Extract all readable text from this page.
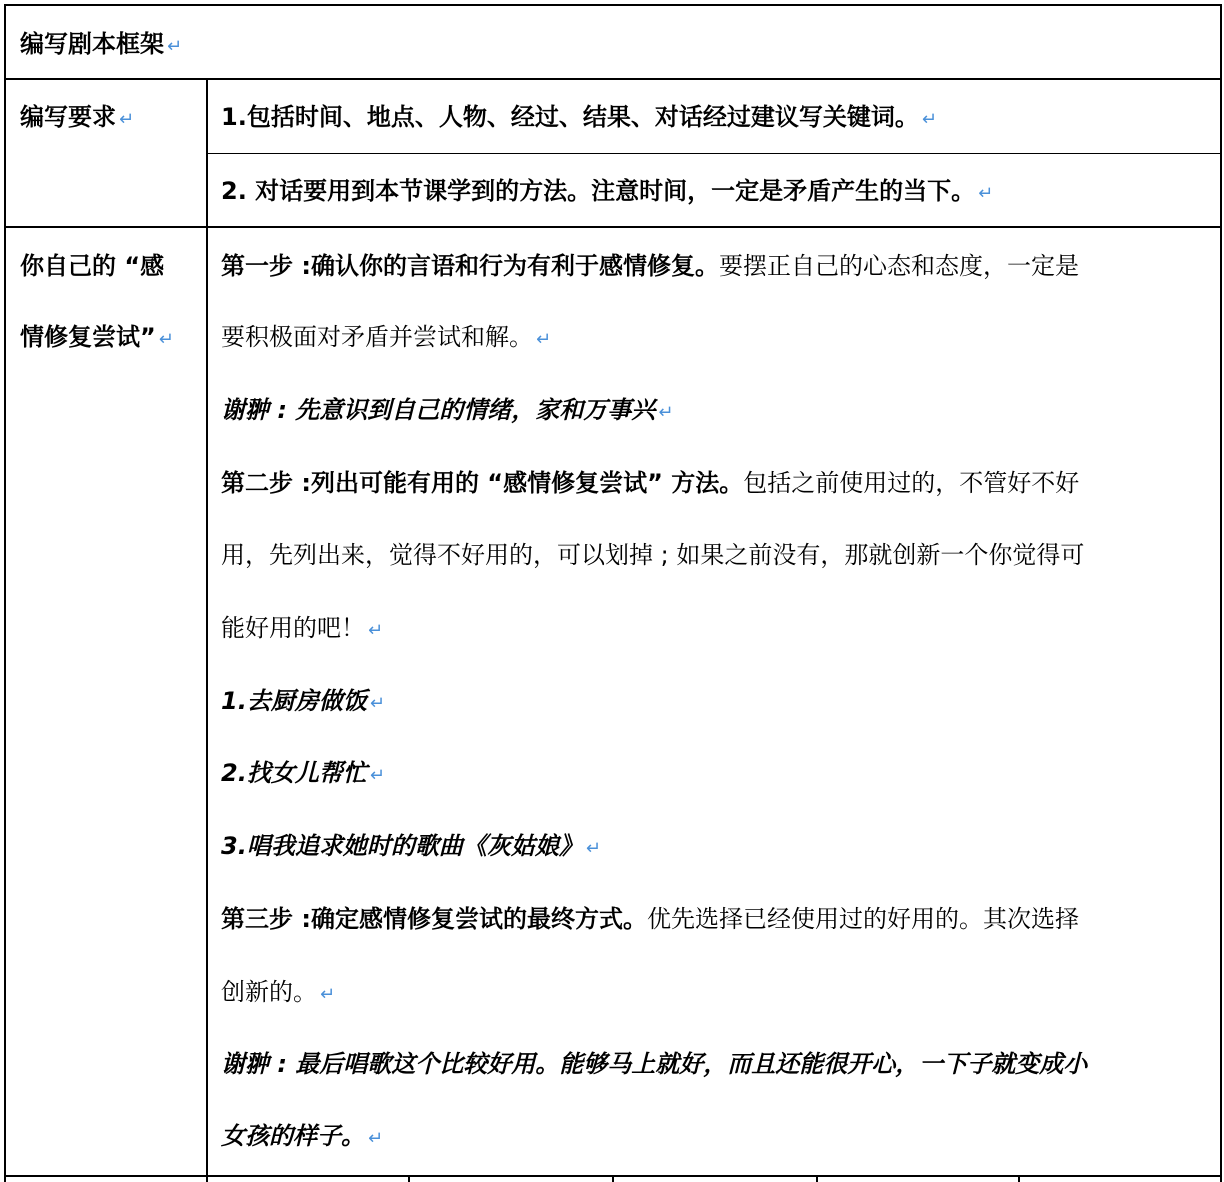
编写剧本框架 ↵
编写要求 ↵	1.包括时间、地点、人物、经过、结果、对话经过建议写关键词。 ↵
2. 对话要用到本节课学到的方法。注意时间，一定是矛盾产生的当下。 ↵
你自己的 “感
情修复尝试” ↵
第一步 :确认你的言语和行为有利于感情修复。要摆正自己的心态和态度，一定是
要积极面对矛盾并尝试和解。 ↵
谢翀 : 先意识到自己的情绪，家和万事兴 ↵
第二步 :列出可能有用的 “感情修复尝试” 方法。包括之前使用过的，不管好不好
用，先列出来，觉得不好用的，可以划掉 ; 如果之前没有，那就创新一个你觉得可
能好用的吧！ ↵
1.去厨房做饭 ↵
2.找女儿帮忙 ↵
3.唱我追求她时的歌曲《灰姑娘》 ↵
第三步 :确定感情修复尝试的最终方式。优先选择已经使用过的好用的。其次选择
创新的。 ↵
谢翀 : 最后唱歌这个比较好用。能够马上就好，而且还能很开心，一下子就变成小
女孩的样子。 ↵
